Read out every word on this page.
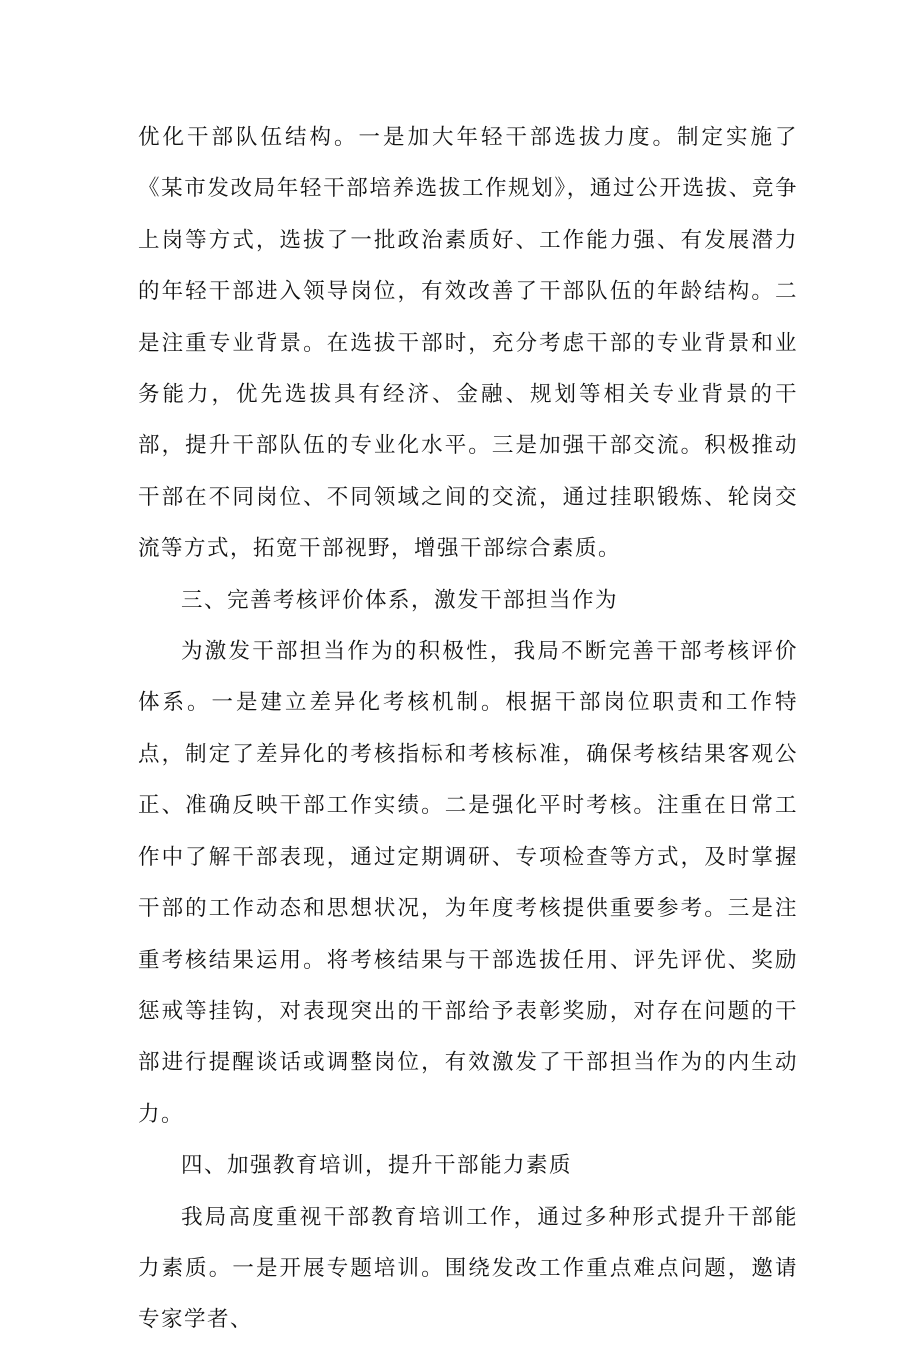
优化干部队伍结构。一是加大年轻干部选拔力度。制定实施了《某市发改局年轻干部培养选拔工作规划》，通过公开选拔、竞争上岗等方式，选拔了一批政治素质好、工作能力强、有发展潜力的年轻干部进入领导岗位，有效改善了干部队伍的年龄结构。二是注重专业背景。在选拔干部时，充分考虑干部的专业背景和业务能力，优先选拔具有经济、金融、规划等相关专业背景的干部，提升干部队伍的专业化水平。三是加强干部交流。积极推动干部在不同岗位、不同领域之间的交流，通过挂职锻炼、轮岗交流等方式，拓宽干部视野，增强干部综合素质。

三、完善考核评价体系，激发干部担当作为

为激发干部担当作为的积极性，我局不断完善干部考核评价体系。一是建立差异化考核机制。根据干部岗位职责和工作特点，制定了差异化的考核指标和考核标准，确保考核结果客观公正、准确反映干部工作实绩。二是强化平时考核。注重在日常工作中了解干部表现，通过定期调研、专项检查等方式，及时掌握干部的工作动态和思想状况，为年度考核提供重要参考。三是注重考核结果运用。将考核结果与干部选拔任用、评先评优、奖励惩戒等挂钩，对表现突出的干部给予表彰奖励，对存在问题的干部进行提醒谈话或调整岗位，有效激发了干部担当作为的内生动力。

四、加强教育培训，提升干部能力素质

我局高度重视干部教育培训工作，通过多种形式提升干部能力素质。一是开展专题培训。围绕发改工作重点难点问题，邀请专家学者、
